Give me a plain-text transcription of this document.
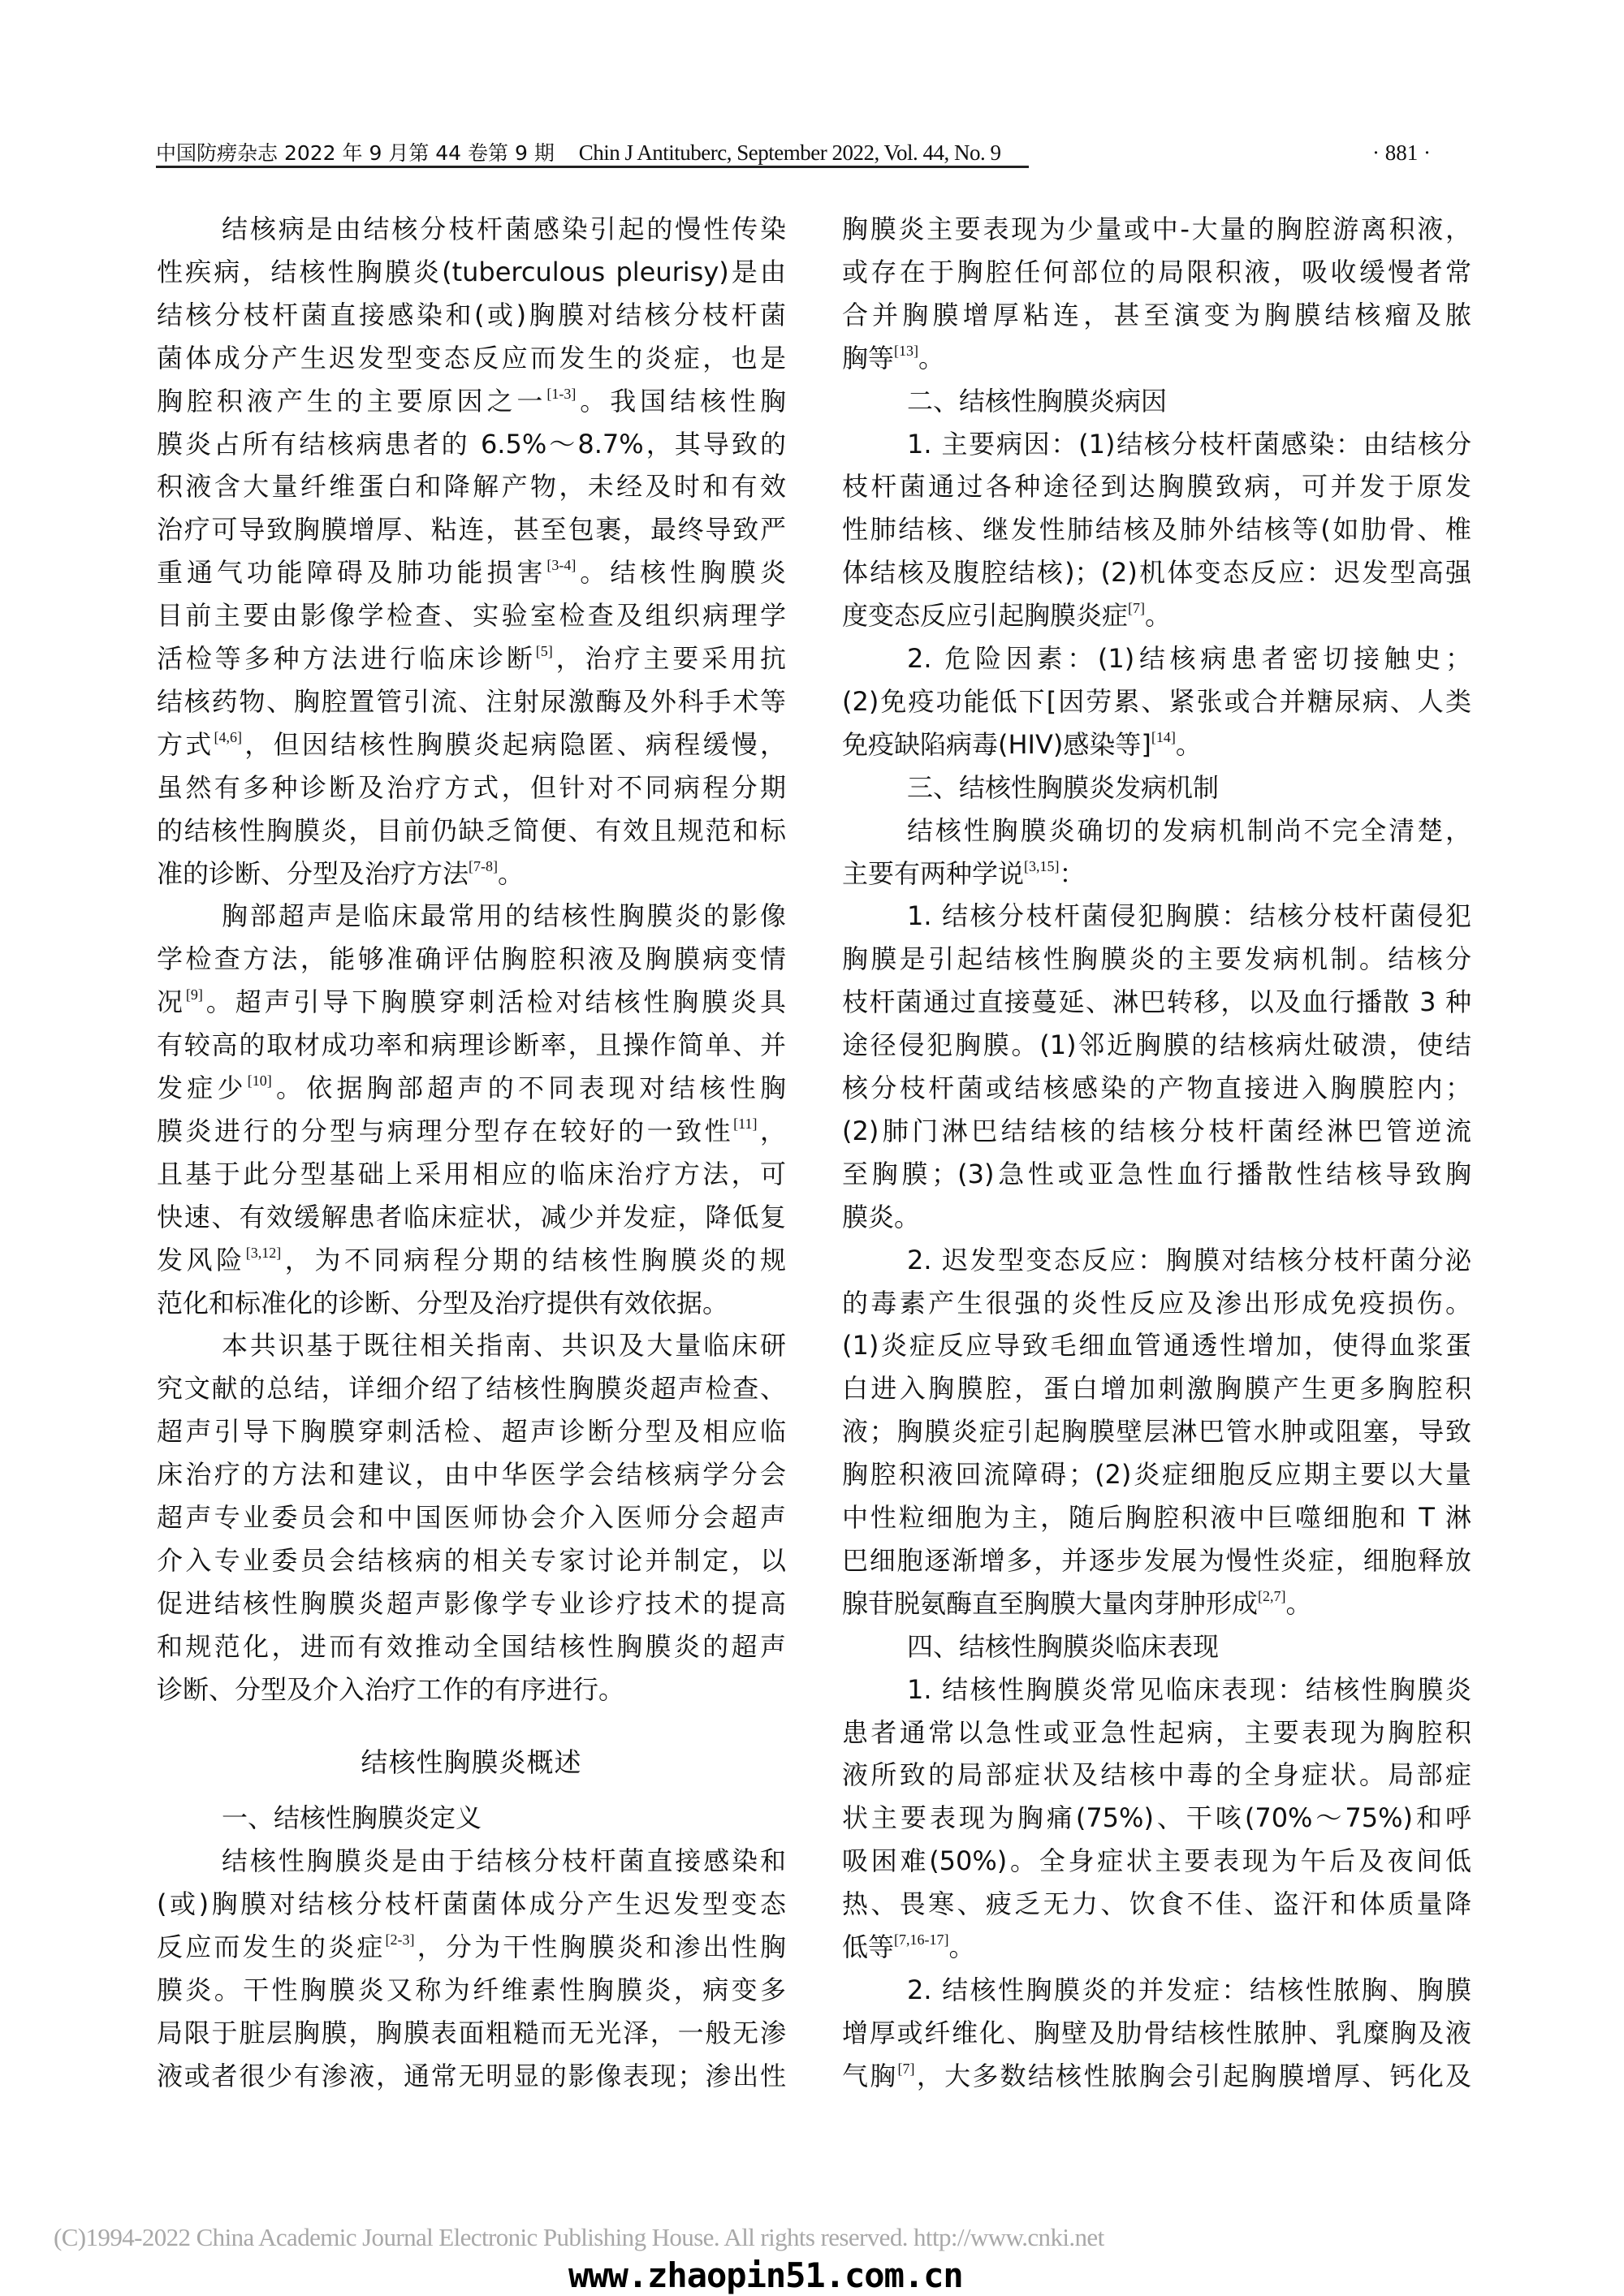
中国防痨杂志 2022 年 9 月第 44 卷第 9 期 Chin J Antituberc, September 2022, Vol. 44, No. 9	· 881 ·
结核病是由结核分枝杆菌感染引起的慢性传染
性疾病，结核性胸膜炎(tuberculous pleurisy)是由
结核分枝杆菌直接感染和(或)胸膜对结核分枝杆菌
菌体成分产生迟发型变态反应而发生的炎症，也是
胸腔积液产生的主要原因之一[1-3]。我国结核性胸
膜炎占所有结核病患者的 6.5%～8.7%，其导致的
积液含大量纤维蛋白和降解产物，未经及时和有效
治疗可导致胸膜增厚、粘连，甚至包裹，最终导致严
重通气功能障碍及肺功能损害[3-4]。结核性胸膜炎
目前主要由影像学检查、实验室检查及组织病理学
活检等多种方法进行临床诊断[5]，治疗主要采用抗
结核药物、胸腔置管引流、注射尿激酶及外科手术等
方式[4,6]，但因结核性胸膜炎起病隐匿、病程缓慢，
虽然有多种诊断及治疗方式，但针对不同病程分期
的结核性胸膜炎，目前仍缺乏简便、有效且规范和标
准的诊断、分型及治疗方法[7-8]。
胸部超声是临床最常用的结核性胸膜炎的影像
学检查方法，能够准确评估胸腔积液及胸膜病变情
况[9]。超声引导下胸膜穿刺活检对结核性胸膜炎具
有较高的取材成功率和病理诊断率，且操作简单、并
发症少[10]。依据胸部超声的不同表现对结核性胸
膜炎进行的分型与病理分型存在较好的一致性[11]，
且基于此分型基础上采用相应的临床治疗方法，可
快速、有效缓解患者临床症状，减少并发症，降低复
发风险[3,12]，为不同病程分期的结核性胸膜炎的规
范化和标准化的诊断、分型及治疗提供有效依据。
本共识基于既往相关指南、共识及大量临床研
究文献的总结，详细介绍了结核性胸膜炎超声检查、
超声引导下胸膜穿刺活检、超声诊断分型及相应临
床治疗的方法和建议，由中华医学会结核病学分会
超声专业委员会和中国医师协会介入医师分会超声
介入专业委员会结核病的相关专家讨论并制定，以
促进结核性胸膜炎超声影像学专业诊疗技术的提高
和规范化，进而有效推动全国结核性胸膜炎的超声
诊断、分型及介入治疗工作的有序进行。
结核性胸膜炎概述
一、结核性胸膜炎定义
结核性胸膜炎是由于结核分枝杆菌直接感染和
(或)胸膜对结核分枝杆菌菌体成分产生迟发型变态
反应而发生的炎症[2-3]，分为干性胸膜炎和渗出性胸
膜炎。干性胸膜炎又称为纤维素性胸膜炎，病变多
局限于脏层胸膜，胸膜表面粗糙而无光泽，一般无渗
液或者很少有渗液，通常无明显的影像表现；渗出性
胸膜炎主要表现为少量或中-大量的胸腔游离积液，
或存在于胸腔任何部位的局限积液，吸收缓慢者常
合并胸膜增厚粘连，甚至演变为胸膜结核瘤及脓
胸等[13]。
二、结核性胸膜炎病因
1. 主要病因：(1)结核分枝杆菌感染：由结核分
枝杆菌通过各种途径到达胸膜致病，可并发于原发
性肺结核、继发性肺结核及肺外结核等(如肋骨、椎
体结核及腹腔结核)；(2)机体变态反应：迟发型高强
度变态反应引起胸膜炎症[7]。
2. 危险因素：(1)结核病患者密切接触史；
(2)免疫功能低下[因劳累、紧张或合并糖尿病、人类
免疫缺陷病毒(HIV)感染等][14]。
三、结核性胸膜炎发病机制
结核性胸膜炎确切的发病机制尚不完全清楚，
主要有两种学说[3,15]：
1. 结核分枝杆菌侵犯胸膜：结核分枝杆菌侵犯
胸膜是引起结核性胸膜炎的主要发病机制。结核分
枝杆菌通过直接蔓延、淋巴转移，以及血行播散 3 种
途径侵犯胸膜。(1)邻近胸膜的结核病灶破溃，使结
核分枝杆菌或结核感染的产物直接进入胸膜腔内；
(2)肺门淋巴结结核的结核分枝杆菌经淋巴管逆流
至胸膜；(3)急性或亚急性血行播散性结核导致胸
膜炎。
2. 迟发型变态反应：胸膜对结核分枝杆菌分泌
的毒素产生很强的炎性反应及渗出形成免疫损伤。
(1)炎症反应导致毛细血管通透性增加，使得血浆蛋
白进入胸膜腔，蛋白增加刺激胸膜产生更多胸腔积
液；胸膜炎症引起胸膜壁层淋巴管水肿或阻塞，导致
胸腔积液回流障碍；(2)炎症细胞反应期主要以大量
中性粒细胞为主，随后胸腔积液中巨噬细胞和 T 淋
巴细胞逐渐增多，并逐步发展为慢性炎症，细胞释放
腺苷脱氨酶直至胸膜大量肉芽肿形成[2,7]。
四、结核性胸膜炎临床表现
1. 结核性胸膜炎常见临床表现：结核性胸膜炎
患者通常以急性或亚急性起病，主要表现为胸腔积
液所致的局部症状及结核中毒的全身症状。局部症
状主要表现为胸痛(75%)、干咳(70%～75%)和呼
吸困难(50%)。全身症状主要表现为午后及夜间低
热、畏寒、疲乏无力、饮食不佳、盗汗和体质量降
低等[7,16-17]。
2. 结核性胸膜炎的并发症：结核性脓胸、胸膜
增厚或纤维化、胸壁及肋骨结核性脓肿、乳糜胸及液
气胸[7]，大多数结核性脓胸会引起胸膜增厚、钙化及
(C)1994-2022 China Academic Journal Electronic Publishing House. All rights reserved. http://www.cnki.net
www.zhaopin51.com.cn
